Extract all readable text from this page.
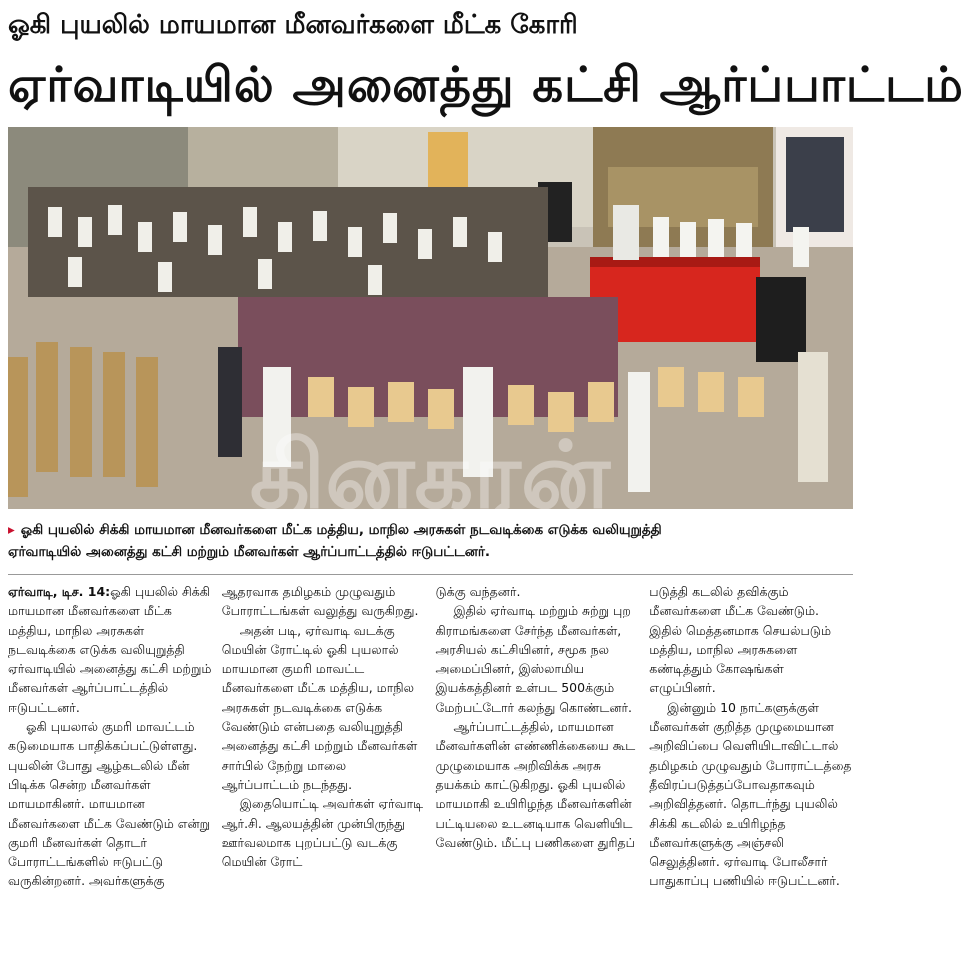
ஓகி புயலில் மாயமான மீனவர்களை மீட்க கோரி
ஏர்வாடியில் அனைத்து கட்சி ஆர்ப்பாட்டம்
தினகரன்

▸ ஓகி புயலில் சிக்கி மாயமான மீனவர்களை மீட்க மத்திய, மாநில அரசுகள் நடவடிக்கை எடுக்க வலியுறுத்தி

ஏர்வாடியில் அனைத்து கட்சி மற்றும் மீனவர்கள் ஆர்ப்பாட்டத்தில் ஈடுபட்டனர்.

ஏர்வாடி, டிச. 14:ஓகி புயலில் சிக்கி மாயமான மீனவர்களை மீட்க மத்திய, மாநில அரசுகள் நடவடிக்கை எடுக்க வலியுறுத்தி ஏர்வாடியில் அனைத்து கட்சி மற்றும் மீனவர்கள் ஆர்ப்பாட்டத்தில் ஈடுபட்டனர்.

ஓகி புயலால் குமரி மாவட்டம் கடுமையாக பாதிக்கப்பட்டுள்ளது. புயலின் போது ஆழ்கடலில் மீன் பிடிக்க சென்ற மீனவர்கள் மாயமாகினர். மாயமான மீனவர்களை மீட்க வேண்டும் என்று குமரி மீனவர்கள் தொடர் போராட்டங்களில் ஈடுபட்டு வருகின்றனர். அவர்களுக்கு

ஆதரவாக தமிழகம் முழுவதும் போராட்டங்கள் வலுத்து வருகிறது.

அதன் படி, ஏர்வாடி வடக்கு மெயின் ரோட்டில் ஓகி புயலால் மாயமான குமரி மாவட்ட மீனவர்களை மீட்க மத்திய, மாநில அரசுகள் நடவடிக்கை எடுக்க வேண்டும் என்பதை வலியுறுத்தி அனைத்து கட்சி மற்றும் மீனவர்கள் சார்பில் நேற்று மாலை ஆர்ப்பாட்டம் நடந்தது.

இதையொட்டி அவர்கள் ஏர்வாடி ஆர்.சி. ஆலயத்தின் முன்பிருந்து ஊர்வலமாக புறப்பட்டு வடக்கு மெயின் ரோட்

டுக்கு வந்தனர்.

இதில் ஏர்வாடி மற்றும் சுற்று புற கிராமங்களை சேர்ந்த மீனவர்கள், அரசியல் கட்சியினர், சமூக நல அமைப்பினர், இஸ்லாமிய இயக்கத்தினர் உள்பட 500க்கும் மேற்பட்டோர் கலந்து கொண்டனர்.

ஆர்ப்பாட்டத்தில், மாயமான மீனவர்களின் எண்ணிக்கையை கூட முழுமையாக அறிவிக்க அரசு தயக்கம் காட்டுகிறது. ஓகி புயலில் மாயமாகி உயிரிழந்த மீனவர்களின் பட்டியலை உடனடியாக வெளியிட வேண்டும். மீட்பு பணிகளை துரிதப்

படுத்தி கடலில் தவிக்கும் மீனவர்களை மீட்க வேண்டும். இதில் மெத்தனமாக செயல்படும் மத்திய, மாநில அரசுகளை கண்டித்தும் கோஷங்கள் எழுப்பினர்.

இன்னும் 10 நாட்களுக்குள் மீனவர்கள் குறித்த முழுமையான அறிவிப்பை வெளியிடாவிட்டால் தமிழகம் முழுவதும் போராட்டத்தை தீவிரப்படுத்தப்போவதாகவும் அறிவித்தனர். தொடர்ந்து புயலில் சிக்கி கடலில் உயிரிழந்த மீனவர்களுக்கு அஞ்சலி செலுத்தினர். ஏர்வாடி போலீசார் பாதுகாப்பு பணியில் ஈடுபட்டனர்.
